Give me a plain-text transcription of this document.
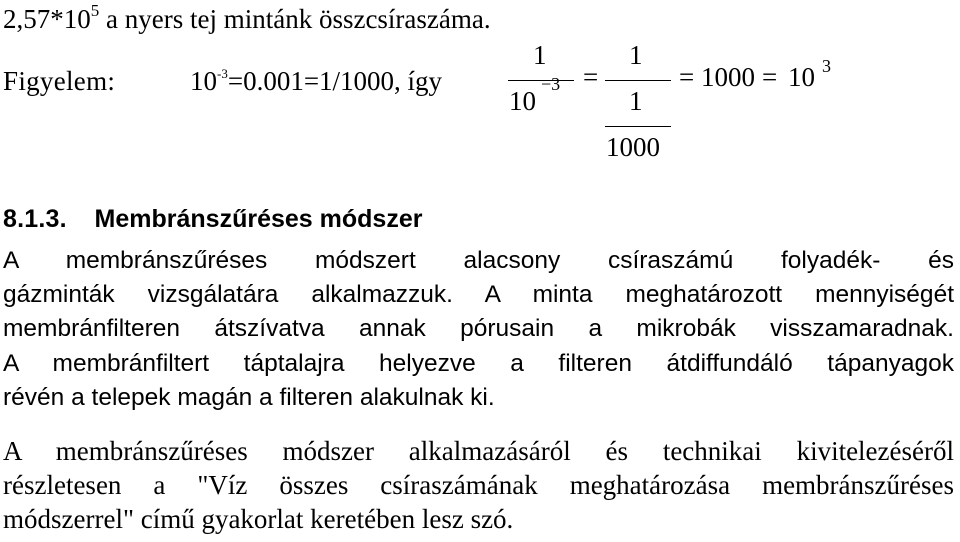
$2,57*10^5$ a nyers tej mintánk összcsíraszáma.
Figyelem:	$10^{-3}=0.001=1/1000$, így
1
10
−3 =
1
1
1000
= 1000 = 10 3
8.1.3. Membránszűréses módszer
A membránszűréses módszert alacsony csíraszámú folyadék- és
gázminták vizsgálatára alkalmazzuk. A minta meghatározott mennyiségét
membránfilteren átszívatva annak pórusain a mikrobák visszamaradnak.
A membránfiltert táptalajra helyezve a filteren átdiffundáló tápanyagok
révén a telepek magán a filteren alakulnak ki.
A membránszűréses módszer alkalmazásáról és technikai kivitelezéséről
részletesen a "Víz összes csíraszámának meghatározása membránszűréses
módszerrel" című gyakorlat keretében lesz szó.
